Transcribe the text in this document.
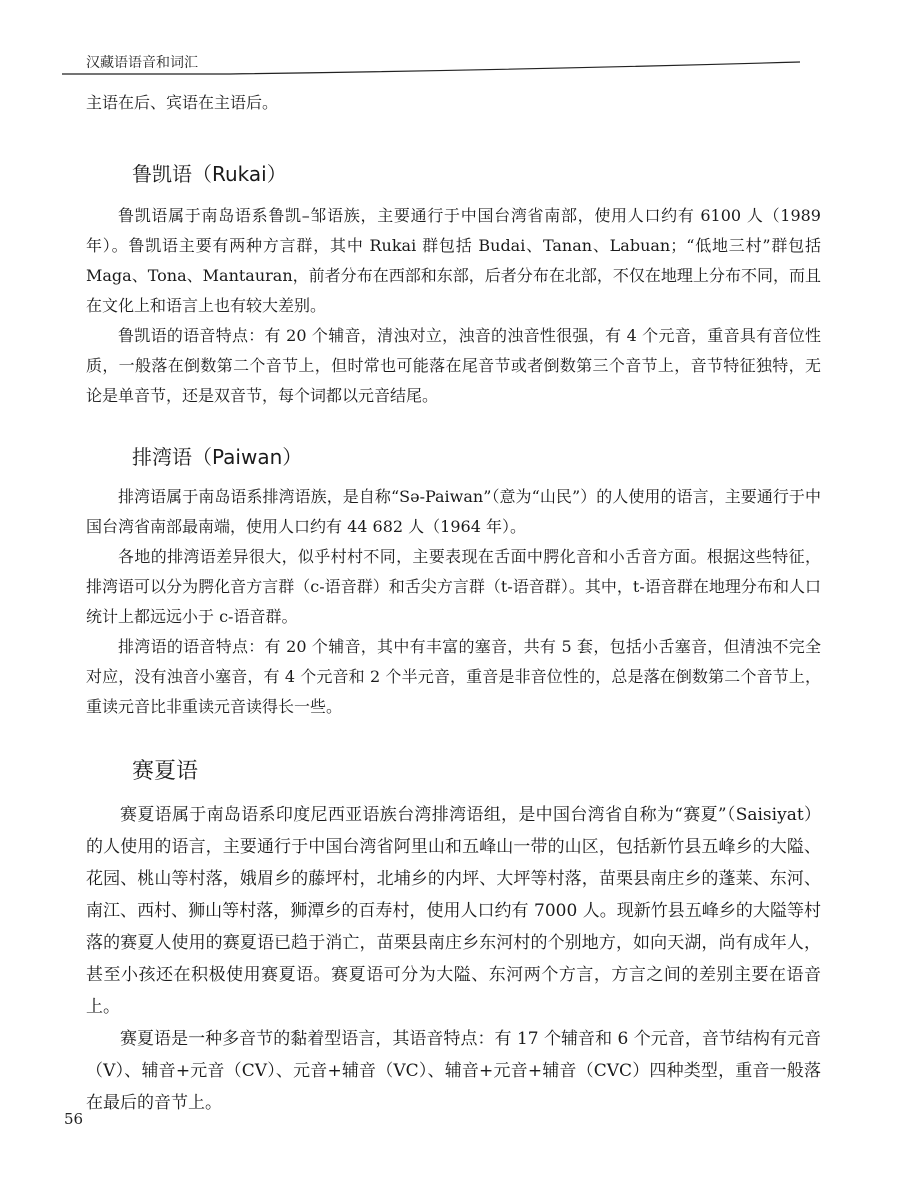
汉藏语语音和词汇

主语在后、宾语在主语后。

鲁凯语（Rukai）

鲁凯语属于南岛语系鲁凯–邹语族，主要通行于中国台湾省南部，使用人口约有 6100 人（1989年）。鲁凯语主要有两种方言群，其中 Rukai 群包括 Budai、Tanan、Labuan；“低地三村”群包括 Maga、Tona、Mantauran，前者分布在西部和东部，后者分布在北部，不仅在地理上分布不同，而且在文化上和语言上也有较大差别。

鲁凯语的语音特点：有 20 个辅音，清浊对立，浊音的浊音性很强，有 4 个元音，重音具有音位性质，一般落在倒数第二个音节上，但时常也可能落在尾音节或者倒数第三个音节上，音节特征独特，无论是单音节，还是双音节，每个词都以元音结尾。

排湾语（Paiwan）

排湾语属于南岛语系排湾语族，是自称“Sə-Paiwan”（意为“山民”）的人使用的语言，主要通行于中国台湾省南部最南端，使用人口约有 44 682 人（1964 年）。

各地的排湾语差异很大，似乎村村不同，主要表现在舌面中腭化音和小舌音方面。根据这些特征，排湾语可以分为腭化音方言群（c-语音群）和舌尖方言群（t-语音群）。其中，t-语音群在地理分布和人口统计上都远远小于 c-语音群。

排湾语的语音特点：有 20 个辅音，其中有丰富的塞音，共有 5 套，包括小舌塞音，但清浊不完全对应，没有浊音小塞音，有 4 个元音和 2 个半元音，重音是非音位性的，总是落在倒数第二个音节上，重读元音比非重读元音读得长一些。

赛夏语

赛夏语属于南岛语系印度尼西亚语族台湾排湾语组，是中国台湾省自称为“赛夏”（Saisiyat）的人使用的语言，主要通行于中国台湾省阿里山和五峰山一带的山区，包括新竹县五峰乡的大隘、花园、桃山等村落，娥眉乡的藤坪村，北埔乡的内坪、大坪等村落，苗栗县南庄乡的蓬莱、东河、南江、西村、狮山等村落，狮潭乡的百寿村，使用人口约有 7000 人。现新竹县五峰乡的大隘等村落的赛夏人使用的赛夏语已趋于消亡，苗栗县南庄乡东河村的个别地方，如向天湖，尚有成年人，甚至小孩还在积极使用赛夏语。赛夏语可分为大隘、东河两个方言，方言之间的差别主要在语音上。

赛夏语是一种多音节的黏着型语言，其语音特点：有 17 个辅音和 6 个元音，音节结构有元音（V）、辅音+元音（CV）、元音+辅音（VC）、辅音+元音+辅音（CVC）四种类型，重音一般落在最后的音节上。

56
